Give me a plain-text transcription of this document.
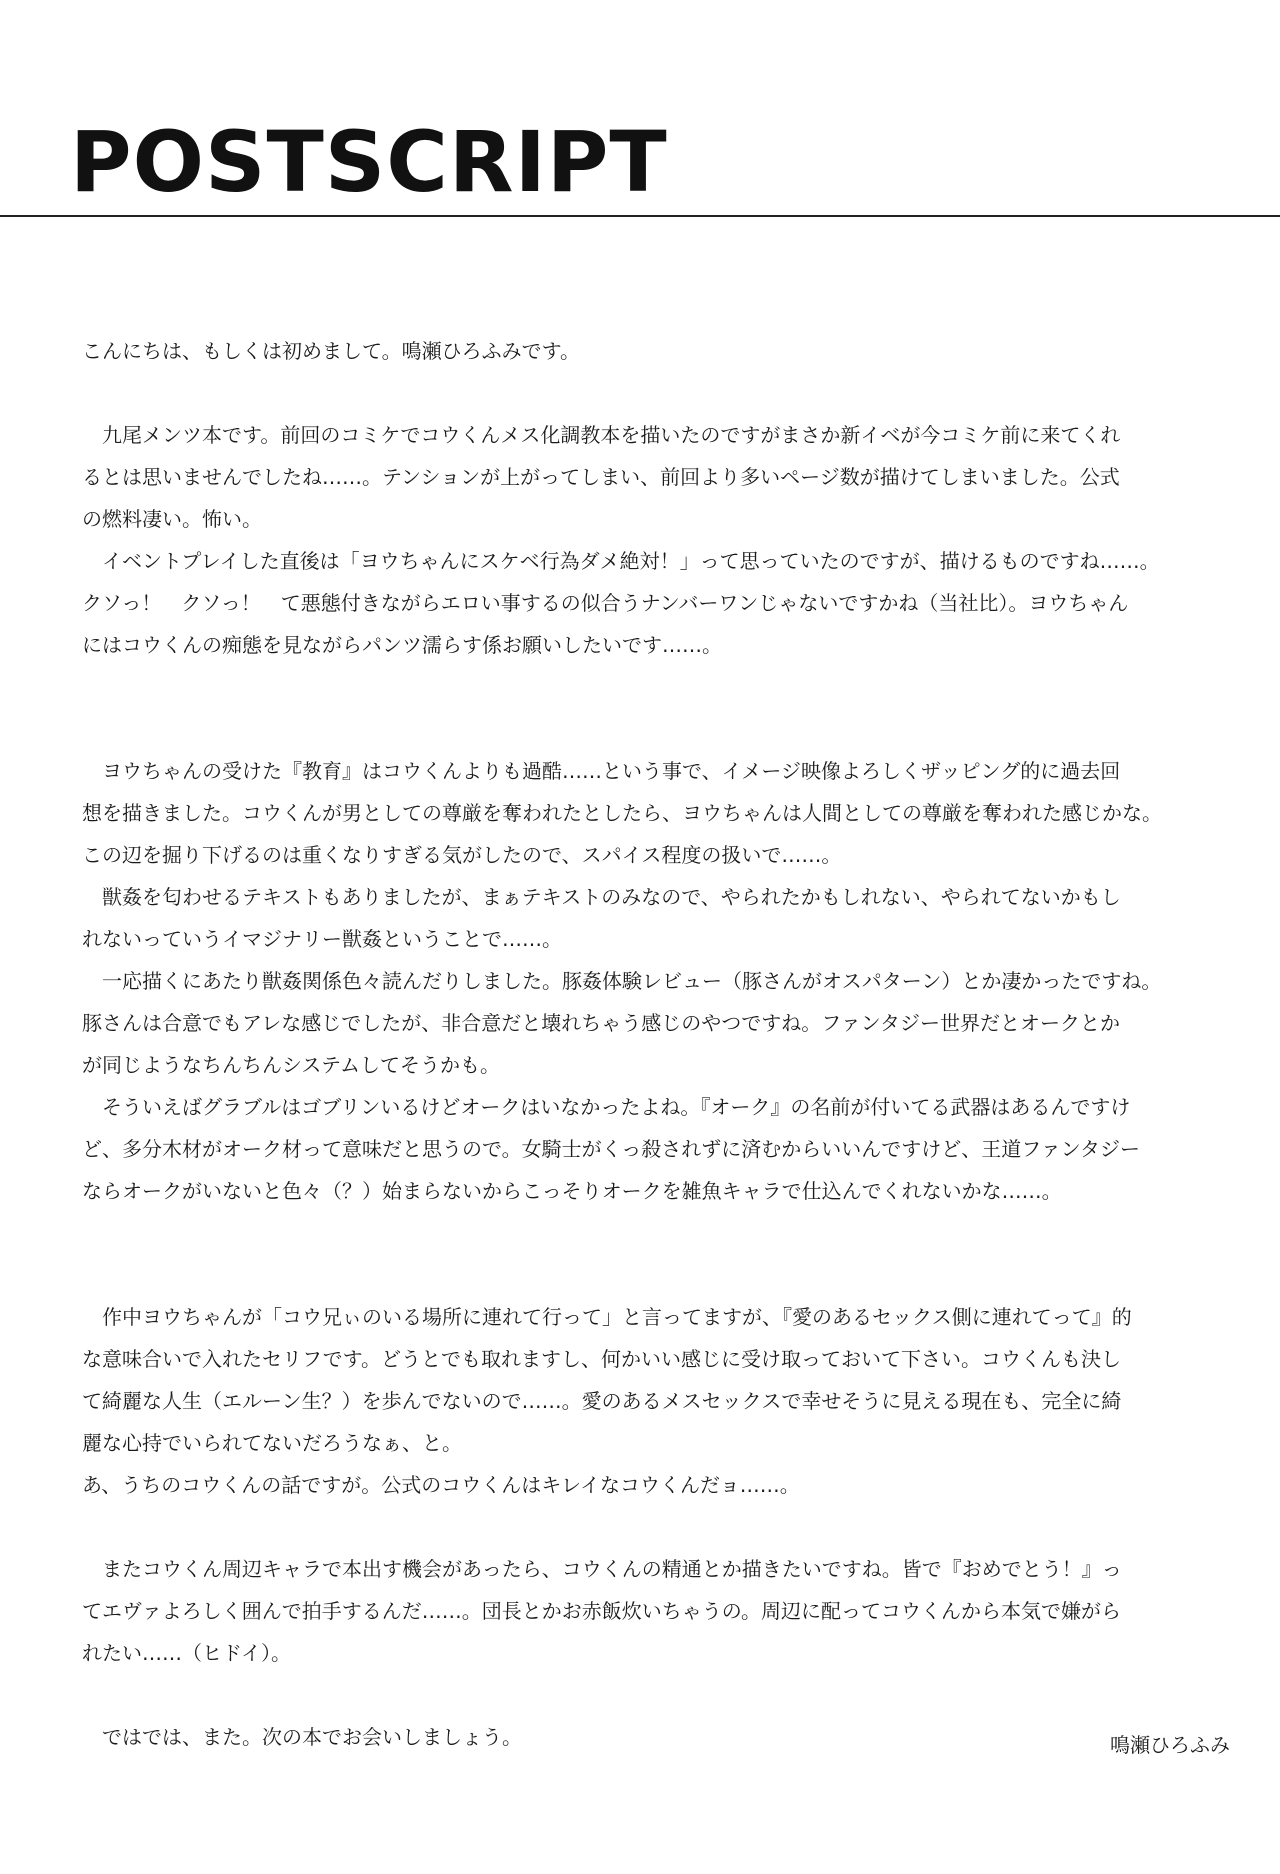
POSTSCRIPT
こんにちは、もしくは初めまして。鳴瀬ひろふみです。
九尾メンツ本です。前回のコミケでコウくんメス化調教本を描いたのですがまさか新イベが今コミケ前に来てくれ
るとは思いませんでしたね……。テンションが上がってしまい、前回より多いページ数が描けてしまいました。公式
の燃料凄い。怖い。
イベントプレイした直後は「ヨウちゃんにスケベ行為ダメ絶対！」って思っていたのですが、描けるものですね……。
クソっ！　クソっ！　て悪態付きながらエロい事するの似合うナンバーワンじゃないですかね（当社比）。ヨウちゃん
にはコウくんの痴態を見ながらパンツ濡らす係お願いしたいです……。
ヨウちゃんの受けた『教育』はコウくんよりも過酷……という事で、イメージ映像よろしくザッピング的に過去回
想を描きました。コウくんが男としての尊厳を奪われたとしたら、ヨウちゃんは人間としての尊厳を奪われた感じかな。
この辺を掘り下げるのは重くなりすぎる気がしたので、スパイス程度の扱いで……。
獣姦を匂わせるテキストもありましたが、まぁテキストのみなので、やられたかもしれない、やられてないかもし
れないっていうイマジナリー獣姦ということで……。
一応描くにあたり獣姦関係色々読んだりしました。豚姦体験レビュー（豚さんがオスパターン）とか凄かったですね。
豚さんは合意でもアレな感じでしたが、非合意だと壊れちゃう感じのやつですね。ファンタジー世界だとオークとか
が同じようなちんちんシステムしてそうかも。
そういえばグラブルはゴブリンいるけどオークはいなかったよね。『オーク』の名前が付いてる武器はあるんですけ
ど、多分木材がオーク材って意味だと思うので。女騎士がくっ殺されずに済むからいいんですけど、王道ファンタジー
ならオークがいないと色々（？）始まらないからこっそりオークを雑魚キャラで仕込んでくれないかな……。
作中ヨウちゃんが「コウ兄ぃのいる場所に連れて行って」と言ってますが、『愛のあるセックス側に連れてって』的
な意味合いで入れたセリフです。どうとでも取れますし、何かいい感じに受け取っておいて下さい。コウくんも決し
て綺麗な人生（エルーン生？）を歩んでないので……。愛のあるメスセックスで幸せそうに見える現在も、完全に綺
麗な心持でいられてないだろうなぁ、と。
あ、うちのコウくんの話ですが。公式のコウくんはキレイなコウくんだョ……。
またコウくん周辺キャラで本出す機会があったら、コウくんの精通とか描きたいですね。皆で『おめでとう！』っ
てエヴァよろしく囲んで拍手するんだ……。団長とかお赤飯炊いちゃうの。周辺に配ってコウくんから本気で嫌がら
れたい……（ヒドイ）。
ではでは、また。次の本でお会いしましょう。	鳴瀬ひろふみ
